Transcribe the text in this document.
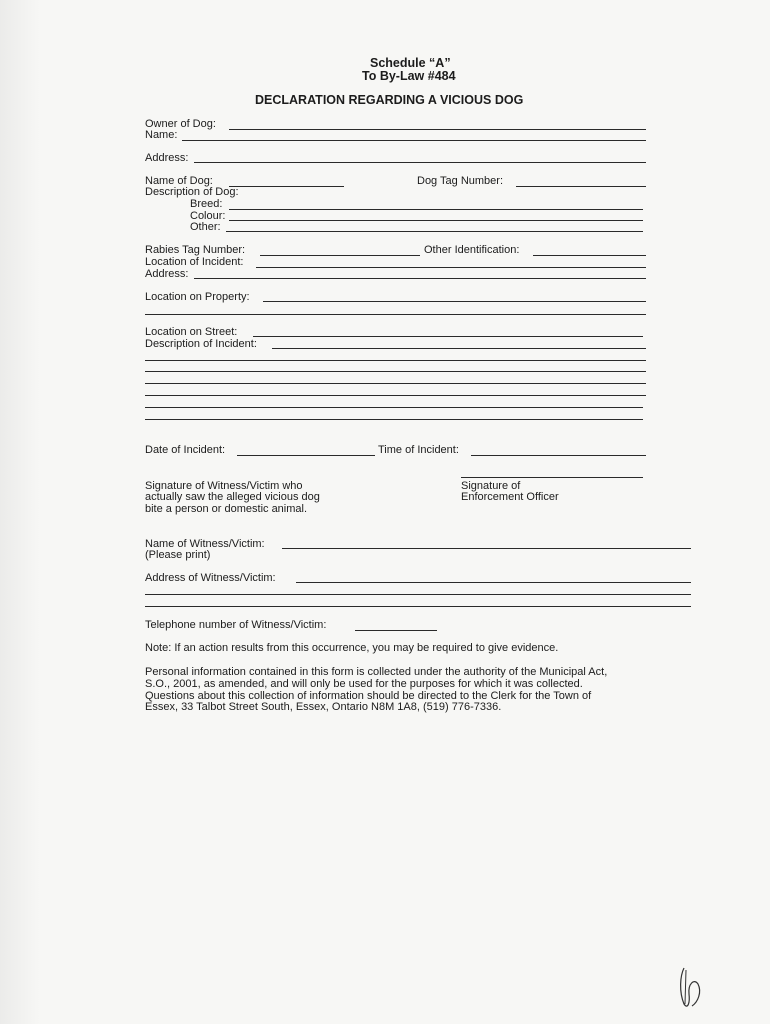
Schedule “A”
To By-Law #484
DECLARATION REGARDING A VICIOUS DOG
Owner of Dog:
Name:
Address:
Name of Dog:	Dog Tag Number:
Description of Dog:
Breed:
Colour:
Other:
Rabies Tag Number:	Other Identification:
Location of Incident:
Address:
Location on Property:
Location on Street:
Description of Incident:
Date of Incident:	Time of Incident:
Signature of Witness/Victim who
actually saw the alleged vicious dog
bite a person or domestic animal.
Signature of
Enforcement Officer
Name of Witness/Victim:
(Please print)
Address of Witness/Victim:
Telephone number of Witness/Victim:
Note: If an action results from this occurrence, you may be required to give evidence.
Personal information contained in this form is collected under the authority of the Municipal Act,
S.O., 2001, as amended, and will only be used for the purposes for which it was collected.
Questions about this collection of information should be directed to the Clerk for the Town of
Essex, 33 Talbot Street South, Essex, Ontario N8M 1A8, (519) 776-7336.
